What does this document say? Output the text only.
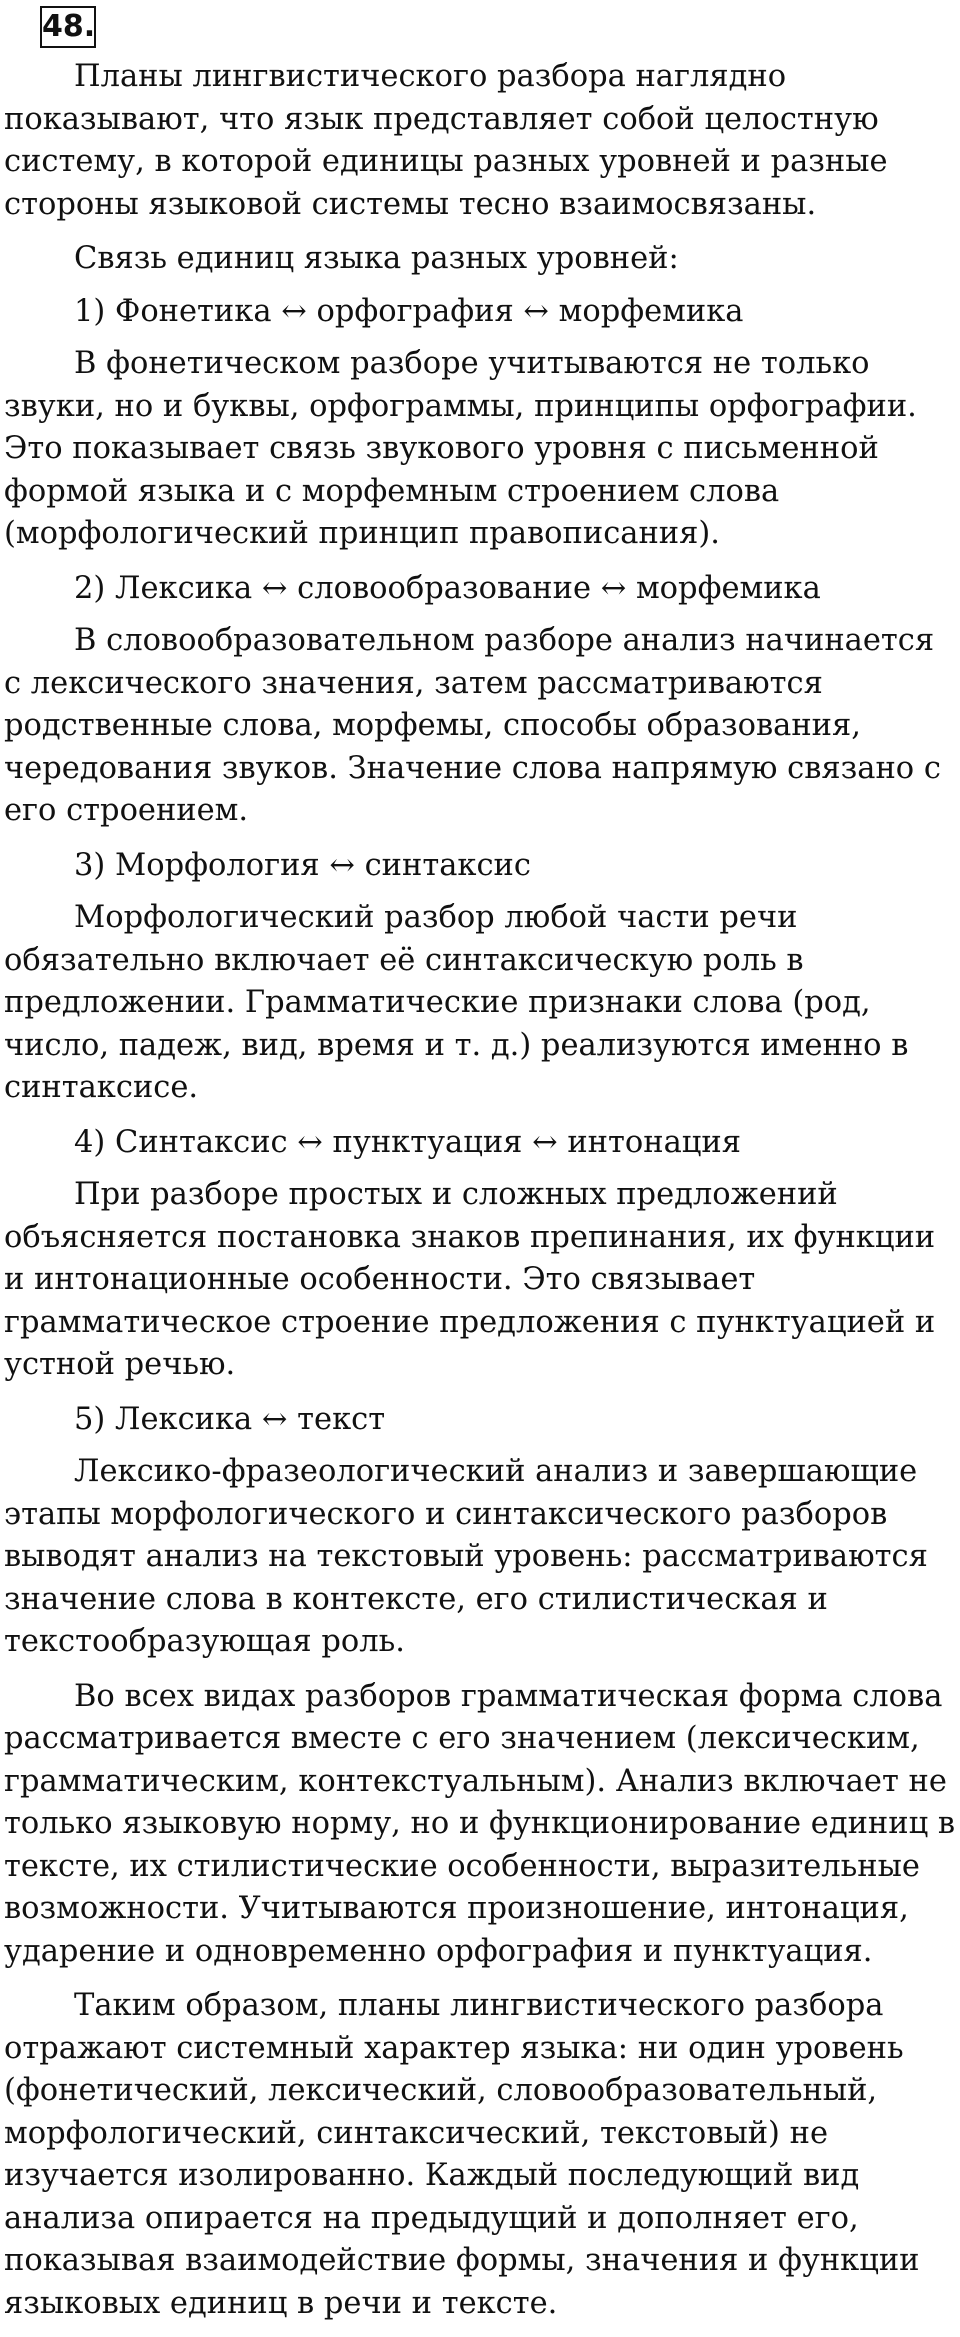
48.

Планы лингвистического разбора наглядно показывают, что язык представляет собой целостную систему, в которой единицы разных уровней и разные стороны языковой системы тесно взаимосвязаны.

Связь единиц языка разных уровней:

1) Фонетика ↔ орфография ↔ морфемика

В фонетическом разборе учитываются не только звуки, но и буквы, орфограммы, принципы орфографии. Это показывает связь звукового уровня с письменной формой языка и с морфемным строением слова (морфологический принцип правописания).

2) Лексика ↔ словообразование ↔ морфемика

В словообразовательном разборе анализ начинается с лексического значения, затем рассматриваются родственные слова, морфемы, способы образования, чередования звуков. Значение слова напрямую связано с его строением.

3) Морфология ↔ синтаксис

Морфологический разбор любой части речи обязательно включает её синтаксическую роль в предложении. Грамматические признаки слова (род, число, падеж, вид, время и т. д.) реализуются именно в синтаксисе.

4) Синтаксис ↔ пунктуация ↔ интонация

При разборе простых и сложных предложений объясняется постановка знаков препинания, их функции и интонационные особенности. Это связывает грамматическое строение предложения с пунктуацией и устной речью.

5) Лексика ↔ текст

Лексико-фразеологический анализ и завершающие этапы морфологического и синтаксического разборов выводят анализ на текстовый уровень: рассматриваются значение слова в контексте, его стилистическая и текстообразующая роль.

Во всех видах разборов грамматическая форма слова рассматривается вместе с его значением (лексическим, грамматическим, контекстуальным). Анализ включает не только языковую норму, но и функционирование единиц в тексте, их стилистические особенности, выразительные возможности. Учитываются произношение, интонация, ударение и одновременно орфография и пунктуация.

Таким образом, планы лингвистического разбора отражают системный характер языка: ни один уровень (фонетический, лексический, словообразовательный, морфологический, синтаксический, текстовый) не изучается изолированно. Каждый последующий вид анализа опирается на предыдущий и дополняет его, показывая взаимодействие формы, значения и функции языковых единиц в речи и тексте.
